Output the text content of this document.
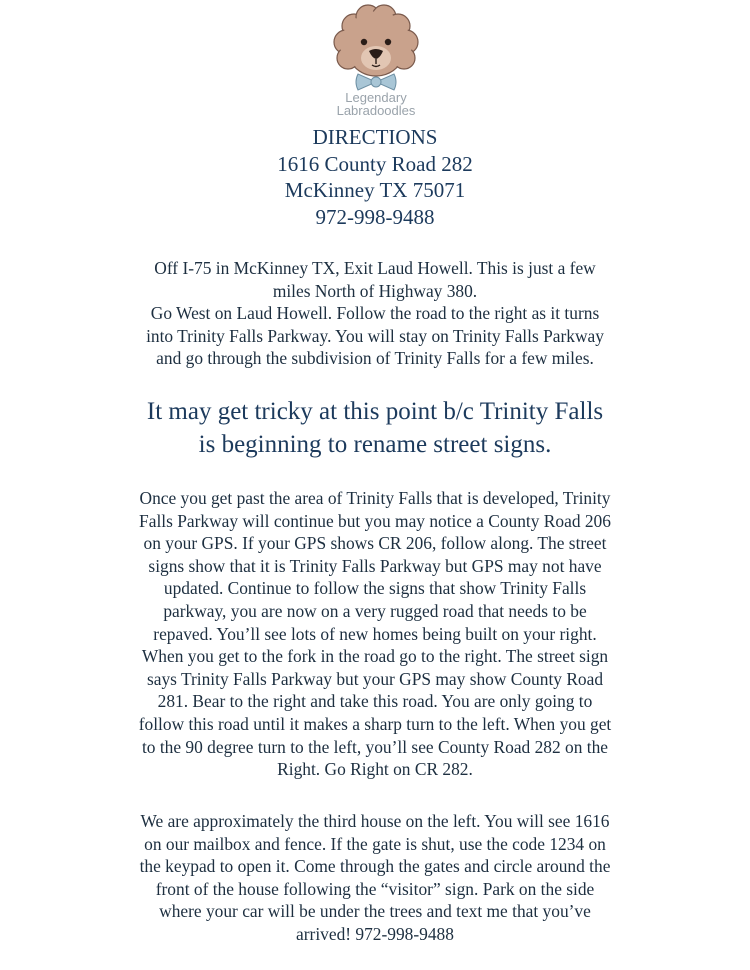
Legendary
Labradoodles
DIRECTIONS
1616 County Road 282
McKinney TX 75071
972-998-9488
Off I-75 in McKinney TX, Exit Laud Howell. This is just a few
miles North of Highway 380.
Go West on Laud Howell. Follow the road to the right as it turns
into Trinity Falls Parkway. You will stay on Trinity Falls Parkway
and go through the subdivision of Trinity Falls for a few miles.
It may get tricky at this point b/c Trinity Falls
is beginning to rename street signs.
Once you get past the area of Trinity Falls that is developed, Trinity
Falls Parkway will continue but you may notice a County Road 206
on your GPS. If your GPS shows CR 206, follow along. The street
signs show that it is Trinity Falls Parkway but GPS may not have
updated. Continue to follow the signs that show Trinity Falls
parkway, you are now on a very rugged road that needs to be
repaved. You’ll see lots of new homes being built on your right.
When you get to the fork in the road go to the right. The street sign
says Trinity Falls Parkway but your GPS may show County Road
281. Bear to the right and take this road. You are only going to
follow this road until it makes a sharp turn to the left. When you get
to the 90 degree turn to the left, you’ll see County Road 282 on the
Right. Go Right on CR 282.
We are approximately the third house on the left. You will see 1616
on our mailbox and fence. If the gate is shut, use the code 1234 on
the keypad to open it. Come through the gates and circle around the
front of the house following the “visitor” sign. Park on the side
where your car will be under the trees and text me that you’ve
arrived! 972-998-9488
